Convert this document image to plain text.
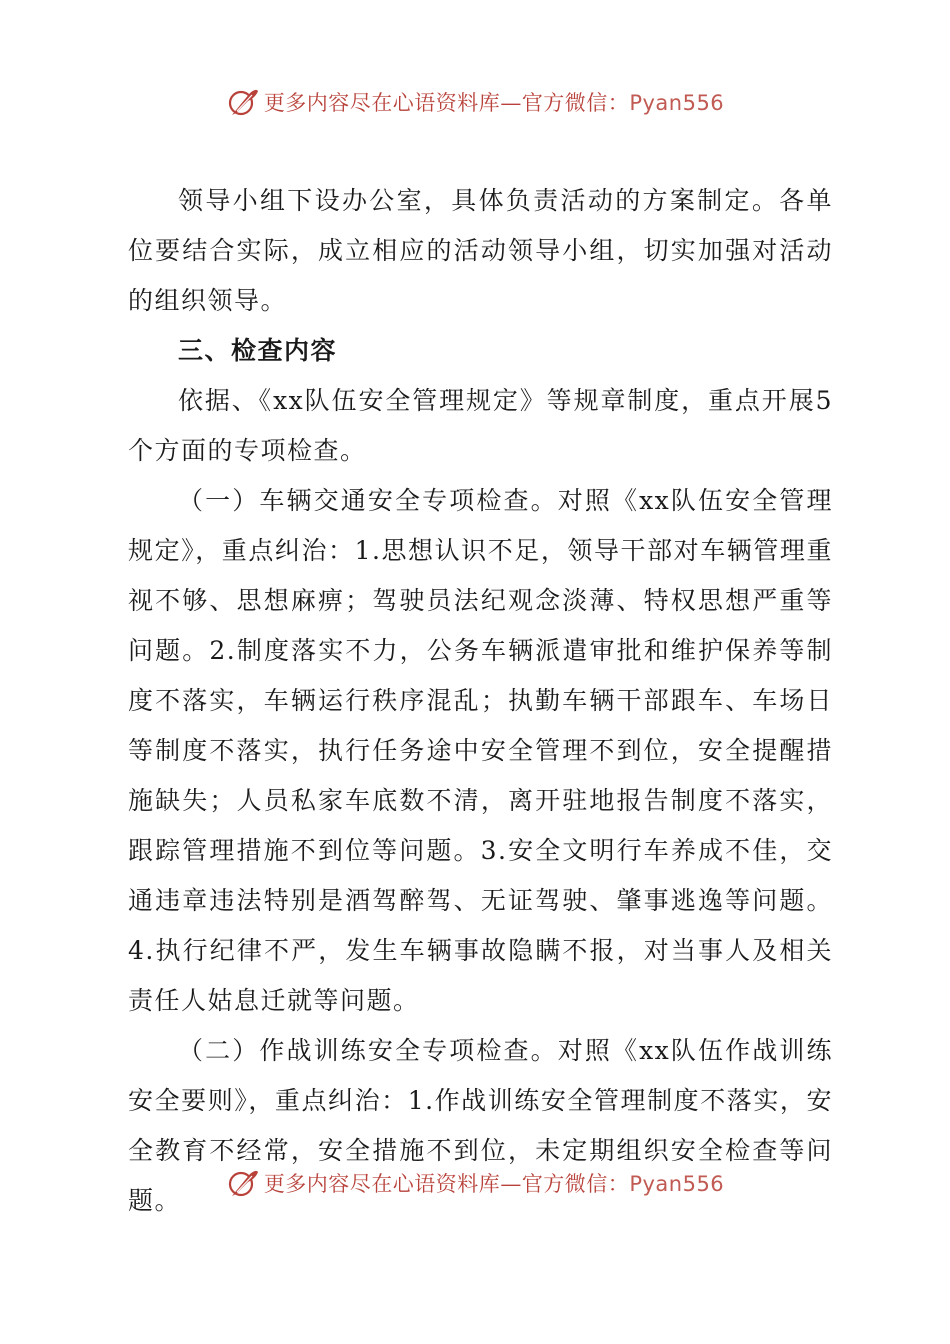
更多内容尽在心语资料库—官方微信：Pyan556

领导小组下设办公室，具体负责活动的方案制定。各单位要结合实际，成立相应的活动领导小组，切实加强对活动的组织领导。

三、检查内容

依据、《xx队伍安全管理规定》等规章制度，重点开展5个方面的专项检查。

（一）车辆交通安全专项检查。对照《xx队伍安全管理规定》，重点纠治：1.思想认识不足，领导干部对车辆管理重视不够、思想麻痹；驾驶员法纪观念淡薄、特权思想严重等问题。2.制度落实不力，公务车辆派遣审批和维护保养等制度不落实，车辆运行秩序混乱；执勤车辆干部跟车、车场日等制度不落实，执行任务途中安全管理不到位，安全提醒措施缺失；人员私家车底数不清，离开驻地报告制度不落实，跟踪管理措施不到位等问题。3.安全文明行车养成不佳，交通违章违法特别是酒驾醉驾、无证驾驶、肇事逃逸等问题。4.执行纪律不严，发生车辆事故隐瞒不报，对当事人及相关责任人姑息迁就等问题。

（二）作战训练安全专项检查。对照《xx队伍作战训练安全要则》，重点纠治：1.作战训练安全管理制度不落实，安全教育不经常，安全措施不到位，未定期组织安全检查等问题。

更多内容尽在心语资料库—官方微信：Pyan556
